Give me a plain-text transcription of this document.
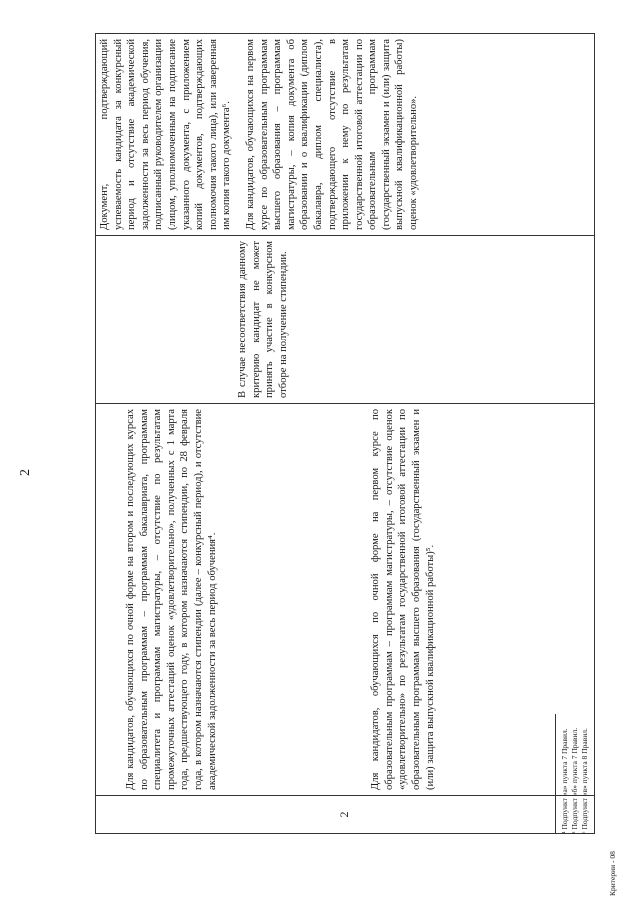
2
2	

Для кандидатов, обучающихся по очной форме на втором и последующих курсах по образовательным программам – программам бакалавриата, программам специалитета и программам магистратуры, – отсутствие по результатам промежуточных аттестаций оценок «удовлетворительно», полученных с 1 марта года, предшествующего году, в котором назначаются стипендии, по 28 февраля года, в котором назначаются стипендии (далее – конкурсный период), и отсутствие академической задолженности за весь период обучения⁴.	Для кандидатов, обучающихся по очной форме на первом курсе по образовательным программам – программам магистратуры, – отсутствие оценок «удовлетворительно» по результатам государственной итоговой аттестации по образовательным программам высшего образования (государственный экзамен и (или) защита выпускной квалификационной работы)⁵.

В случае несоответствия данному критерию кандидат не может принять участие в конкурсном отборе на получение стипендии.

Документ, подтверждающий успеваемость кандидата за конкурсный период и отсутствие академической задолженности за весь период обучения, подписанный руководителем организации (лицом, уполномоченным на подписание указанного документа, с приложением копий документов, подтверждающих полномочия такого лица), или заверенная им копия такого документа⁶. Для кандидатов, обучающихся на первом курсе по образовательным программам высшего образования – программам магистратуры, – копия документа об образовании и о квалификации (диплом бакалавра, диплом специалиста), подтверждающего отсутствие в приложении к нему по результатам государственной итоговой аттестации по образовательным программам (государственный экзамен и (или) защита выпускной квалификационной работы) оценок «удовлетворительно».

⁴ Подпункт «а» пункта 7 Правил. ⁵ Подпункт «б» пункта 7 Правил. ⁶ Подпункт «в» пункта 8 Правил.
Критерии - 08
